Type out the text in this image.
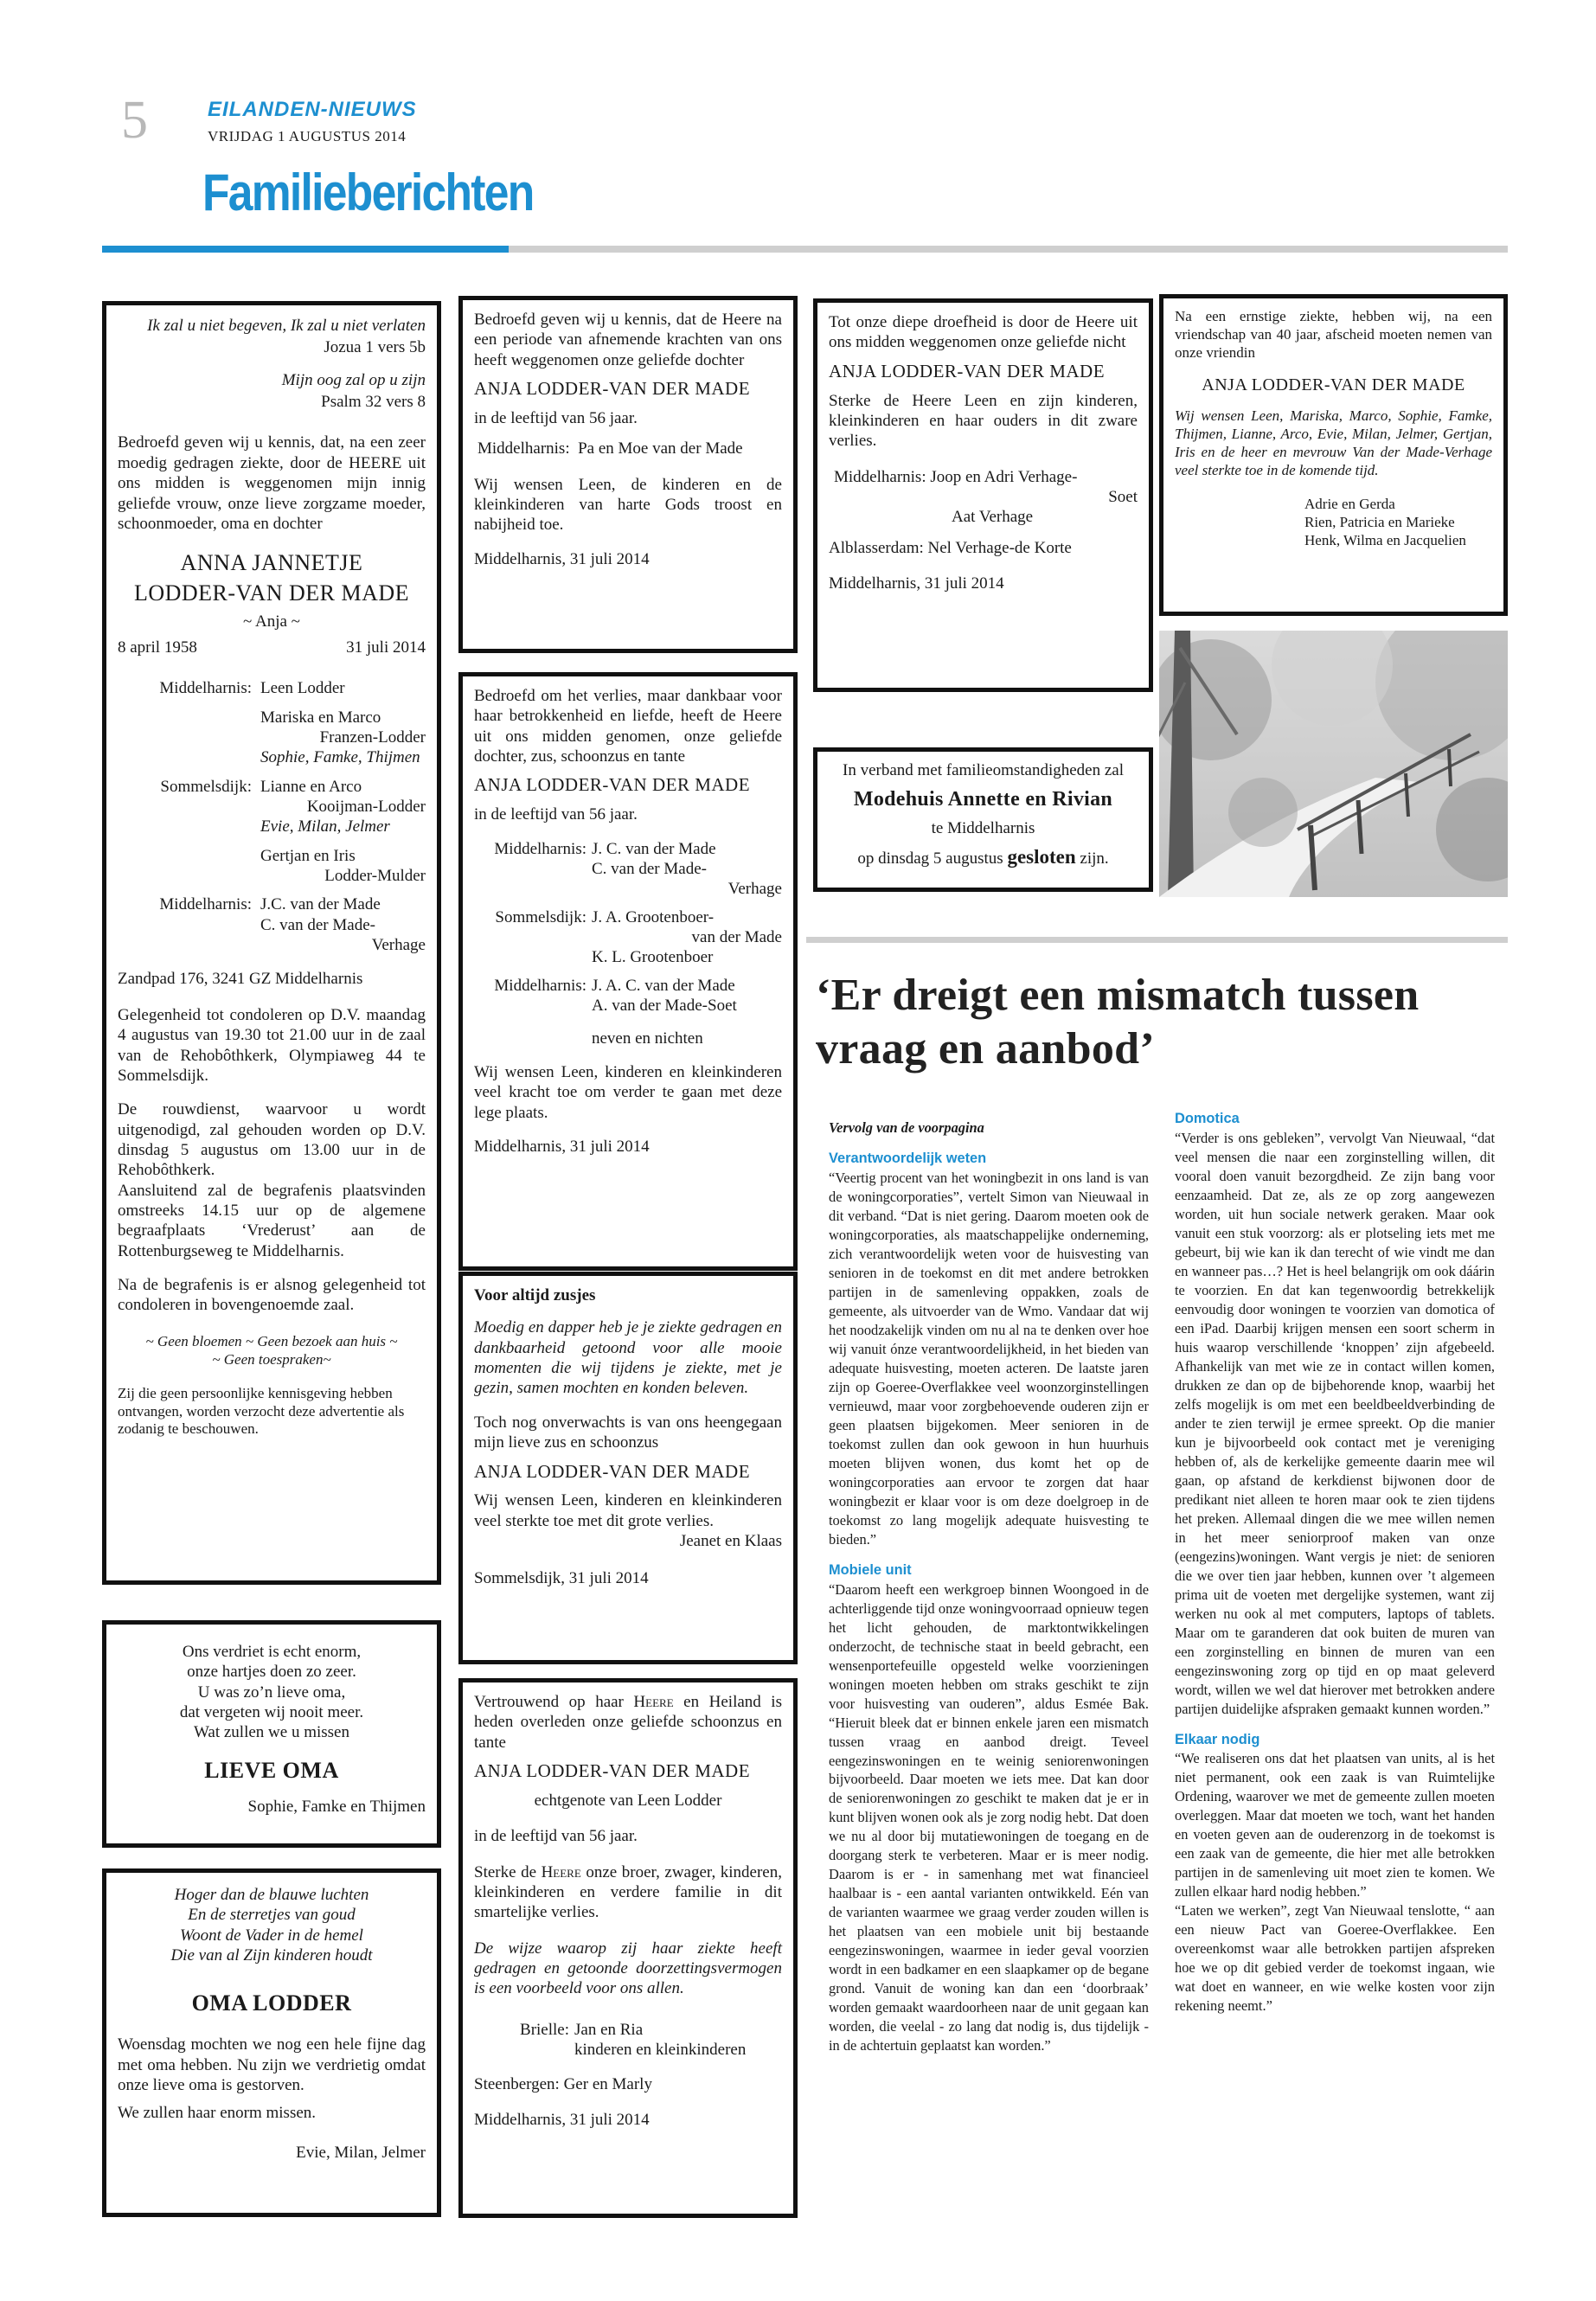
5	EILANDEN-NIEUWS
VRIJDAG 1 AUGUSTUS 2014
Familieberichten

Ik zal u niet begeven, Ik zal u niet verlaten

Jozua 1 vers 5b

Mijn oog zal op u zijn

Psalm 32 vers 8

Bedroefd geven wij u kennis, dat, na een zeer moedig gedragen ziekte, door de HEERE uit ons midden is weggenomen mijn innig geliefde vrouw, onze lieve zorgzame moeder, schoonmoeder, oma en dochter

ANNA JANNETJE
LODDER-VAN DER MADE

~ Anja ~

8 april 1958	31 juli 2014
Middelharnis: Leen Lodder
Mariska en Marco
Franzen-Lodder
Sophie, Famke, Thijmen
Sommelsdijk: Lianne en Arco
Kooijman-Lodder
Evie, Milan, Jelmer
Gertjan en Iris
Lodder-Mulder
Middelharnis: J.C. van der Made
C. van der Made-
Verhage

Zandpad 176, 3241 GZ Middelharnis

Gelegenheid tot condoleren op D.V. maandag 4 augustus van 19.30 tot 21.00 uur in de zaal van de Rehobôthkerk, Olympiaweg 44 te Sommelsdijk.

De rouwdienst, waarvoor u wordt uitgenodigd, zal gehouden worden op D.V. dinsdag 5 augustus om 13.00 uur in de Rehobôthkerk.

Aansluitend zal de begrafenis plaatsvinden omstreeks 14.15 uur op de algemene begraafplaats ‘Vrederust’ aan de Rottenburgseweg te Middelharnis.

Na de begrafenis is er alsnog gelegenheid tot condoleren in bovengenoemde zaal.

~ Geen bloemen ~ Geen bezoek aan huis ~

~ Geen toespraken~

Zij die geen persoonlijke kennisgeving hebben ontvangen, worden verzocht deze advertentie als zodanig te beschouwen.

Ons verdriet is echt enorm,
onze hartjes doen zo zeer.
U was zo’n lieve oma,
dat vergeten wij nooit meer.
Wat zullen we u missen
LIEVE OMA
Sophie, Famke en Thijmen
Hoger dan de blauwe luchten
En de sterretjes van goud
Woont de Vader in de hemel
Die van al Zijn kinderen houdt
OMA LODDER

Woensdag mochten we nog een hele fijne dag met oma hebben. Nu zijn we verdrietig omdat onze lieve oma is gestorven.

We zullen haar enorm missen.

Evie, Milan, Jelmer

Bedroefd geven wij u kennis, dat de Heere na een periode van afnemende krachten van ons heeft weggenomen onze geliefde dochter

ANJA LODDER-VAN DER MADE

in de leeftijd van 56 jaar.

Middelharnis: Pa en Moe van der Made

Wij wensen Leen, de kinderen en de kleinkinderen van harte Gods troost en nabijheid toe.

Middelharnis, 31 juli 2014

Bedroefd om het verlies, maar dankbaar voor haar betrokkenheid en liefde, heeft de Heere uit ons midden genomen, onze geliefde dochter, zus, schoonzus en tante

ANJA LODDER-VAN DER MADE

in de leeftijd van 56 jaar.

Middelharnis: J. C. van der Made
C. van der Made-
Verhage
Sommelsdijk: J. A. Grootenboer-
van der Made
K. L. Grootenboer
Middelharnis: J. A. C. van der Made
A. van der Made-Soet

neven en nichten

Wij wensen Leen, kinderen en kleinkinderen veel kracht toe om verder te gaan met deze lege plaats.

Middelharnis, 31 juli 2014

Voor altijd zusjes

Moedig en dapper heb je je ziekte gedragen en dankbaarheid getoond voor alle mooie momenten die wij tijdens je ziekte, met je gezin, samen mochten en konden beleven.

Toch nog onverwachts is van ons heengegaan mijn lieve zus en schoonzus

ANJA LODDER-VAN DER MADE

Wij wensen Leen, kinderen en kleinkinderen veel sterkte toe met dit grote verlies.

Jeanet en Klaas

Sommelsdijk, 31 juli 2014

Vertrouwend op haar Heere en Heiland is heden overleden onze geliefde schoonzus en tante

ANJA LODDER-VAN DER MADE

echtgenote van Leen Lodder

in de leeftijd van 56 jaar.

Sterke de Heere onze broer, zwager, kinderen, kleinkinderen en verdere familie in dit smartelijke verlies.

De wijze waarop zij haar ziekte heeft gedragen en getoonde doorzettingsvermogen is een voorbeeld voor ons allen.

Brielle: Jan en Ria
kinderen en kleinkinderen

Steenbergen: Ger en Marly

Middelharnis, 31 juli 2014

Tot onze diepe droefheid is door de Heere uit ons midden weggenomen onze geliefde nicht

ANJA LODDER-VAN DER MADE

Sterke de Heere Leen en zijn kinderen, kleinkinderen en haar ouders in dit zware verlies.

Middelharnis: Joop en Adri Verhage-
Soet
Aat Verhage

Alblasserdam: Nel Verhage-de Korte

Middelharnis, 31 juli 2014

In verband met familieomstandigheden zal

Modehuis Annette en Rivian

te Middelharnis

op dinsdag 5 augustus gesloten zijn.

Na een ernstige ziekte, hebben wij, na een vriendschap van 40 jaar, afscheid moeten nemen van onze vriendin

ANJA LODDER-VAN DER MADE

Wij wensen Leen, Mariska, Marco, Sophie, Famke, Thijmen, Lianne, Arco, Evie, Milan, Jelmer, Gertjan, Iris en de heer en mevrouw Van der Made-Verhage veel sterkte toe in de komende tijd.

Adrie en Gerda
Rien, Patricia en Marieke
Henk, Wilma en Jacquelien
‘Er dreigt een mismatch tussen vraag en aanbod’

Vervolg van de voorpagina

Verantwoordelijk weten

“Veertig procent van het woningbezit in ons land is van de woningcorporaties”, vertelt Simon van Nieuwaal in dit verband. “Dat is niet gering. Daarom moeten ook de woningcorporaties, als maatschappelijke onderneming, zich verantwoordelijk weten voor de huisvesting van senioren in de toekomst en dit met andere betrokken partijen in de samenleving oppakken, zoals de gemeente, als uitvoerder van de Wmo. Vandaar dat wij het noodzakelijk vinden om nu al na te denken over hoe wij vanuit ónze verantwoordelijkheid, in het bieden van adequate huisvesting, moeten acteren. De laatste jaren zijn op Goeree-Overflakkee veel woonzorginstellingen vernieuwd, maar voor zorgbehoevende ouderen zijn er geen plaatsen bijgekomen. Meer senioren in de toekomst zullen dan ook gewoon in hun huurhuis moeten blijven wonen, dus komt het op de woningcorporaties aan ervoor te zorgen dat haar woningbezit er klaar voor is om deze doelgroep in de toekomst zo lang mogelijk adequate huisvesting te bieden.”

Mobiele unit

“Daarom heeft een werkgroep binnen Woongoed in de achterliggende tijd onze woningvoorraad opnieuw tegen het licht gehouden, de marktontwikkelingen onderzocht, de technische staat in beeld gebracht, een wensenportefeuille opgesteld welke voorzieningen woningen moeten hebben om straks geschikt te zijn voor huisvesting van ouderen”, aldus Esmée Bak. “Hieruit bleek dat er binnen enkele jaren een mismatch tussen vraag en aanbod dreigt. Teveel eengezinswoningen en te weinig seniorenwoningen bijvoorbeeld. Daar moeten we iets mee. Dat kan door de seniorenwoningen zo geschikt te maken dat je er in kunt blijven wonen ook als je zorg nodig hebt. Dat doen we nu al door bij mutatiewoningen de toegang en de doorgang sterk te verbeteren. Maar er is meer nodig. Daarom is er - in samenhang met wat financieel haalbaar is - een aantal varianten ontwikkeld. Eén van de varianten waarmee we graag verder zouden willen is het plaatsen van een mobiele unit bij bestaande eengezinswoningen, waarmee in ieder geval voorzien wordt in een badkamer en een slaapkamer op de begane grond. Vanuit de woning kan dan een ‘doorbraak’ worden gemaakt waardoorheen naar de unit gegaan kan worden, die veelal - zo lang dat nodig is, dus tijdelijk - in de achtertuin geplaatst kan worden.”

Domotica

“Verder is ons gebleken”, vervolgt Van Nieuwaal, “dat veel mensen die naar een zorginstelling willen, dit vooral doen vanuit bezorgdheid. Ze zijn bang voor eenzaamheid. Dat ze, als ze op zorg aangewezen worden, uit hun sociale netwerk geraken. Maar ook vanuit een stuk voorzorg: als er plotseling iets met me gebeurt, bij wie kan ik dan terecht of wie vindt me dan en wanneer pas…? Het is heel belangrijk om ook dáárin te voorzien. En dat kan tegenwoordig betrekkelijk eenvoudig door woningen te voorzien van domotica of een iPad. Daarbij krijgen mensen een soort scherm in huis waarop verschillende ‘knoppen’ zijn afgebeeld. Afhankelijk van met wie ze in contact willen komen, drukken ze dan op de bijbehorende knop, waarbij het zelfs mogelijk is om met een beeldbeeldverbinding de ander te zien terwijl je ermee spreekt. Op die manier kun je bijvoorbeeld ook contact met je vereniging hebben of, als de kerkelijke gemeente daarin mee wil gaan, op afstand de kerkdienst bijwonen door de predikant niet alleen te horen maar ook te zien tijdens het preken. Allemaal dingen die we mee willen nemen in het meer seniorproof maken van onze (eengezins)woningen. Want vergis je niet: de senioren die we over tien jaar hebben, kunnen over ’t algemeen prima uit de voeten met dergelijke systemen, want zij werken nu ook al met computers, laptops of tablets. Maar om te garanderen dat ook buiten de muren van een zorginstelling en binnen de muren van een eengezinswoning zorg op tijd en op maat geleverd wordt, willen we wel dat hierover met betrokken andere partijen duidelijke afspraken gemaakt kunnen worden.”

Elkaar nodig

“We realiseren ons dat het plaatsen van units, al is het niet permanent, ook een zaak is van Ruimtelijke Ordening, waarover we met de gemeente zullen moeten overleggen. Maar dat moeten we toch, want het handen en voeten geven aan de ouderenzorg in de toekomst is een zaak van de gemeente, die hier met alle betrokken partijen in de samenleving uit moet zien te komen. We zullen elkaar hard nodig hebben.”

“Laten we werken”, zegt Van Nieuwaal tenslotte, “ aan een nieuw Pact van Goeree-Overflakkee. Een overeenkomst waar alle betrokken partijen afspreken hoe we op dit gebied verder de toekomst ingaan, wie wat doet en wanneer, en wie welke kosten voor zijn rekening neemt.”
